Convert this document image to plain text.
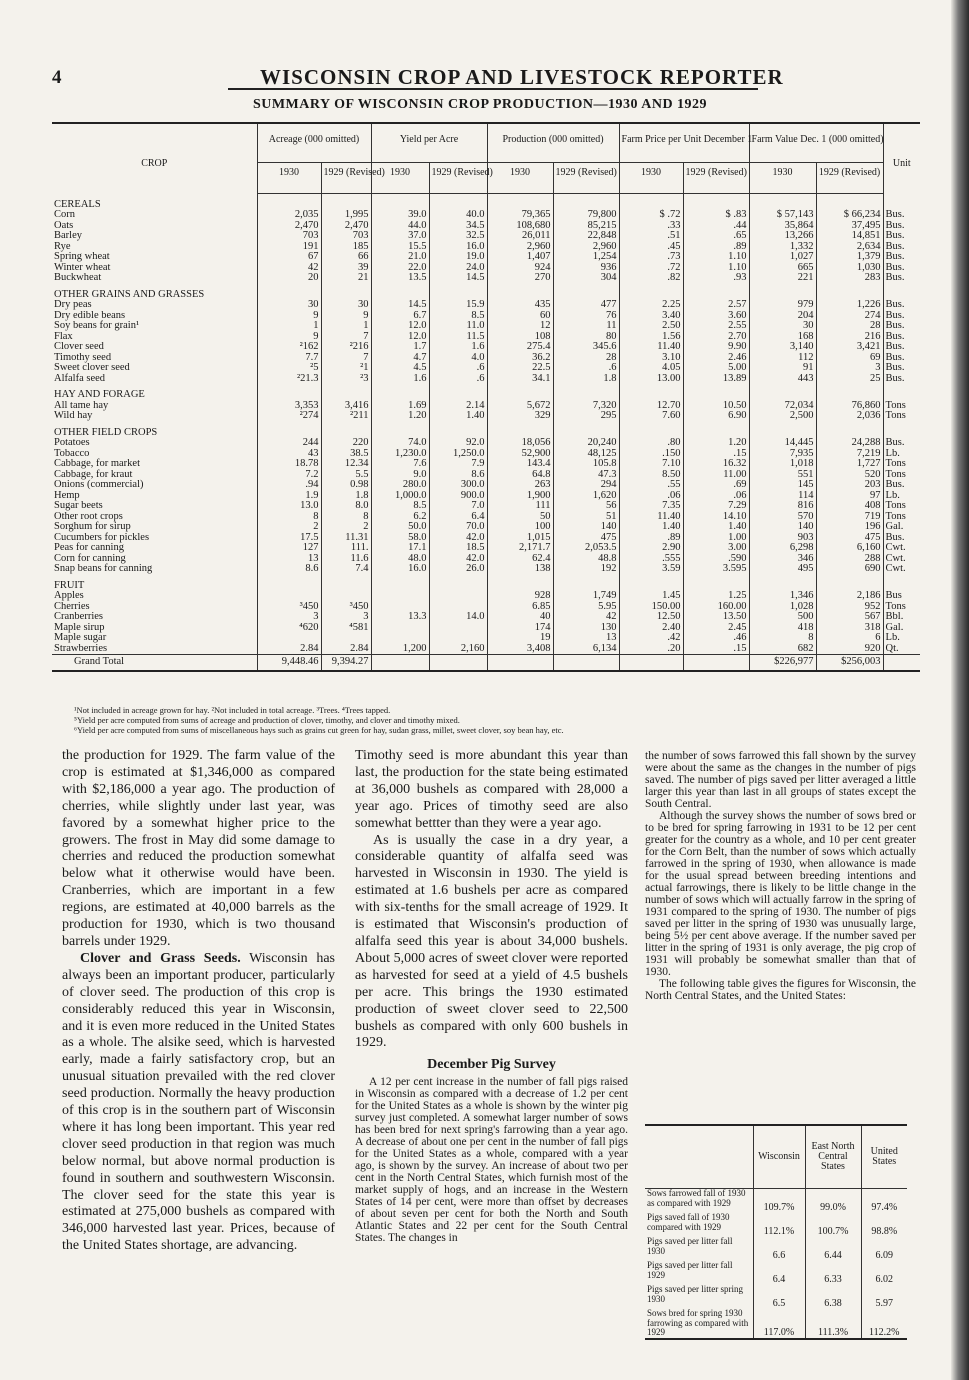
4	WISCONSIN CROP AND LIVESTOCK REPORTER
SUMMARY OF WISCONSIN CROP PRODUCTION—1930 AND 1929
CROP	Acreage (000 omitted)		Yield per Acre		Production (000 omitted)		Farm Price per Unit December 1		Farm Value Dec. 1 (000 omitted)		Unit
	1930	1929 (Revised)	1930	1929 (Revised)	1930	1929 (Revised)	1930	1929 (Revised)	1930	1929 (Revised)	
CEREALS											
Corn	2,035	1,995	39.0	40.0	79,365	79,800	$ .72	$ .83	$ 57,143	$ 66,234	Bus.
Oats	2,470	2,470	44.0	34.5	108,680	85,215	.33	.44	35,864	37,495	Bus.
Barley	703	703	37.0	32.5	26,011	22,848	.51	.65	13,266	14,851	Bus.
Rye	191	185	15.5	16.0	2,960	2,960	.45	.89	1,332	2,634	Bus.
Spring wheat	67	66	21.0	19.0	1,407	1,254	.73	1.10	1,027	1,379	Bus.
Winter wheat	42	39	22.0	24.0	924	936	.72	1.10	665	1,030	Bus.
Buckwheat	20	21	13.5	14.5	270	304	.82	.93	221	283	Bus.
OTHER GRAINS AND GRASSES											
Dry peas	30	30	14.5	15.9	435	477	2.25	2.57	979	1,226	Bus.
Dry edible beans	9	9	6.7	8.5	60	76	3.40	3.60	204	274	Bus.
Soy beans for grain¹	1	1	12.0	11.0	12	11	2.50	2.55	30	28	Bus.
Flax	9	7	12.0	11.5	108	80	1.56	2.70	168	216	Bus.
Clover seed	²162	²216	1.7	1.6	275.4	345.6	11.40	9.90	3,140	3,421	Bus.
Timothy seed	7.7	7	4.7	4.0	36.2	28	3.10	2.46	112	69	Bus.
Sweet clover seed	²5	²1	4.5	.6	22.5	.6	4.05	5.00	91	3	Bus.
Alfalfa seed	²21.3	²3	1.6	.6	34.1	1.8	13.00	13.89	443	25	Bus.
HAY AND FORAGE											
All tame hay	3,353	3,416	1.69	2.14	5,672	7,320	12.70	10.50	72,034	76,860	Tons
Wild hay	²274	²211	1.20	1.40	329	295	7.60	6.90	2,500	2,036	Tons
OTHER FIELD CROPS											
Potatoes	244	220	74.0	92.0	18,056	20,240	.80	1.20	14,445	24,288	Bus.
Tobacco	43	38.5	1,230.0	1,250.0	52,900	48,125	.150	.15	7,935	7,219	Lb.
Cabbage, for market	18.78	12.34	7.6	7.9	143.4	105.8	7.10	16.32	1,018	1,727	Tons
Cabbage, for kraut	7.2	5.5	9.0	8.6	64.8	47.3	8.50	11.00	551	520	Tons
Onions (commercial)	.94	0.98	280.0	300.0	263	294	.55	.69	145	203	Bus.
Hemp	1.9	1.8	1,000.0	900.0	1,900	1,620	.06	.06	114	97	Lb.
Sugar beets	13.0	8.0	8.5	7.0	111	56	7.35	7.29	816	408	Tons
Other root crops	8	8	6.2	6.4	50	51	11.40	14.10	570	719	Tons
Sorghum for sirup	2	2	50.0	70.0	100	140	1.40	1.40	140	196	Gal.
Cucumbers for pickles	17.5	11.31	58.0	42.0	1,015	475	.89	1.00	903	475	Bus.
Peas for canning	127	111.	17.1	18.5	2,171.7	2,053.5	2.90	3.00	6,298	6,160	Cwt.
Corn for canning	13	11.6	48.0	42.0	62.4	48.8	.555	.590	346	288	Cwt.
Snap beans for canning	8.6	7.4	16.0	26.0	138	192	3.59	3.595	495	690	Cwt.
FRUIT											
Apples					928	1,749	1.45	1.25	1,346	2,186	Bus
Cherries	³450	³450			6.85	5.95	150.00	160.00	1,028	952	Tons
Cranberries	3	3	13.3	14.0	40	42	12.50	13.50	500	567	Bbl.
Maple sirup	⁴620	⁴581			174	130	2.40	2.45	418	318	Gal.
Maple sugar					19	13	.42	.46	8	6	Lb.
Strawberries	2.84	2.84	1,200	2,160	3,408	6,134	.20	.15	682	920	Qt.
Grand Total	9,448.46	9,394.27							$226,977	$256,003	
¹Not included in acreage grown for hay. ²Not included in total acreage. ³Trees. ⁴Trees tapped.
⁵Yield per acre computed from sums of acreage and production of clover, timothy, and clover and timothy mixed.
⁶Yield per acre computed from sums of miscellaneous hays such as grains cut green for hay, sudan grass, millet, sweet clover, soy bean hay, etc.

the production for 1929. The farm value of the crop is estimated at $1,346,000 as compared with $2,186,000 a year ago. The production of cherries, while slightly under last year, was favored by a somewhat higher price to the growers. The frost in May did some damage to cherries and reduced the production somewhat below what it otherwise would have been. Cranberries, which are important in a few regions, are estimated at 40,000 barrels as the production for 1930, which is two thousand barrels under 1929.

Clover and Grass Seeds. Wisconsin has always been an important producer, particularly of clover seed. The production of this crop is considerably reduced this year in Wisconsin, and it is even more reduced in the United States as a whole. The alsike seed, which is harvested early, made a fairly satisfactory crop, but an unusual situation prevailed with the red clover seed production. Normally the heavy production of this crop is in the southern part of Wisconsin where it has long been important. This year red clover seed production in that region was much below normal, but above normal production is found in southern and southwestern Wisconsin. The clover seed for the state this year is estimated at 275,000 bushels as compared with 346,000 harvested last year. Prices, because of the United States shortage, are advancing.

Timothy seed is more abundant this year than last, the production for the state being estimated at 36,000 bushels as compared with 28,000 a year ago. Prices of timothy seed are also somewhat bettter than they were a year ago.

As is usually the case in a dry year, a considerable quantity of alfalfa seed was harvested in Wisconsin in 1930. The yield is estimated at 1.6 bushels per acre as compared with six-tenths for the small acreage of 1929. It is estimated that Wisconsin's production of alfalfa seed this year is about 34,000 bushels. About 5,000 acres of sweet clover were reported as harvested for seed at a yield of 4.5 bushels per acre. This brings the 1930 estimated production of sweet clover seed to 22,500 bushels as compared with only 600 bushels in 1929.

December Pig Survey

A 12 per cent increase in the number of fall pigs raised in Wisconsin as compared with a decrease of 1.2 per cent for the United States as a whole is shown by the winter pig survey just completed. A somewhat larger number of sows has been bred for next spring's farrowing than a year ago. A decrease of about one per cent in the number of fall pigs for the United States as a whole, compared with a year ago, is shown by the survey. An increase of about two per cent in the North Central States, which furnish most of the market supply of hogs, and an increase in the Western States of 14 per cent, were more than offset by decreases of about seven per cent for both the North and South Atlantic States and 22 per cent for the South Central States. The changes in

the number of sows farrowed this fall shown by the survey were about the same as the changes in the number of pigs saved. The number of pigs saved per litter averaged a little larger this year than last in all groups of states except the South Central.

Although the survey shows the number of sows bred or to be bred for spring farrowing in 1931 to be 12 per cent greater for the country as a whole, and 10 per cent greater for the Corn Belt, than the number of sows which actually farrowed in the spring of 1930, when allowance is made for the usual spread between breeding intentions and actual farrowings, there is likely to be little change in the number of sows which will actually farrow in the spring of 1931 compared to the spring of 1930. The number of pigs saved per litter in the spring of 1930 was unusually large, being 5½ per cent above average. If the number saved per litter in the spring of 1931 is only average, the pig crop of 1931 will probably be somewhat smaller than that of 1930.

The following table gives the figures for Wisconsin, the North Central States, and the United States:

	Wisconsin	East North Central States	United States
Sows farrowed fall of 1930 as compared with 1929	109.7%	99.0%	97.4%
Pigs saved fall of 1930 compared with 1929	112.1%	100.7%	98.8%
Pigs saved per litter fall 1930	6.6	6.44	6.09
Pigs saved per litter fall 1929	6.4	6.33	6.02
Pigs saved per litter spring 1930	6.5	6.38	5.97
Sows bred for spring 1930 farrowing as compared with 1929	117.0%	111.3%	112.2%
